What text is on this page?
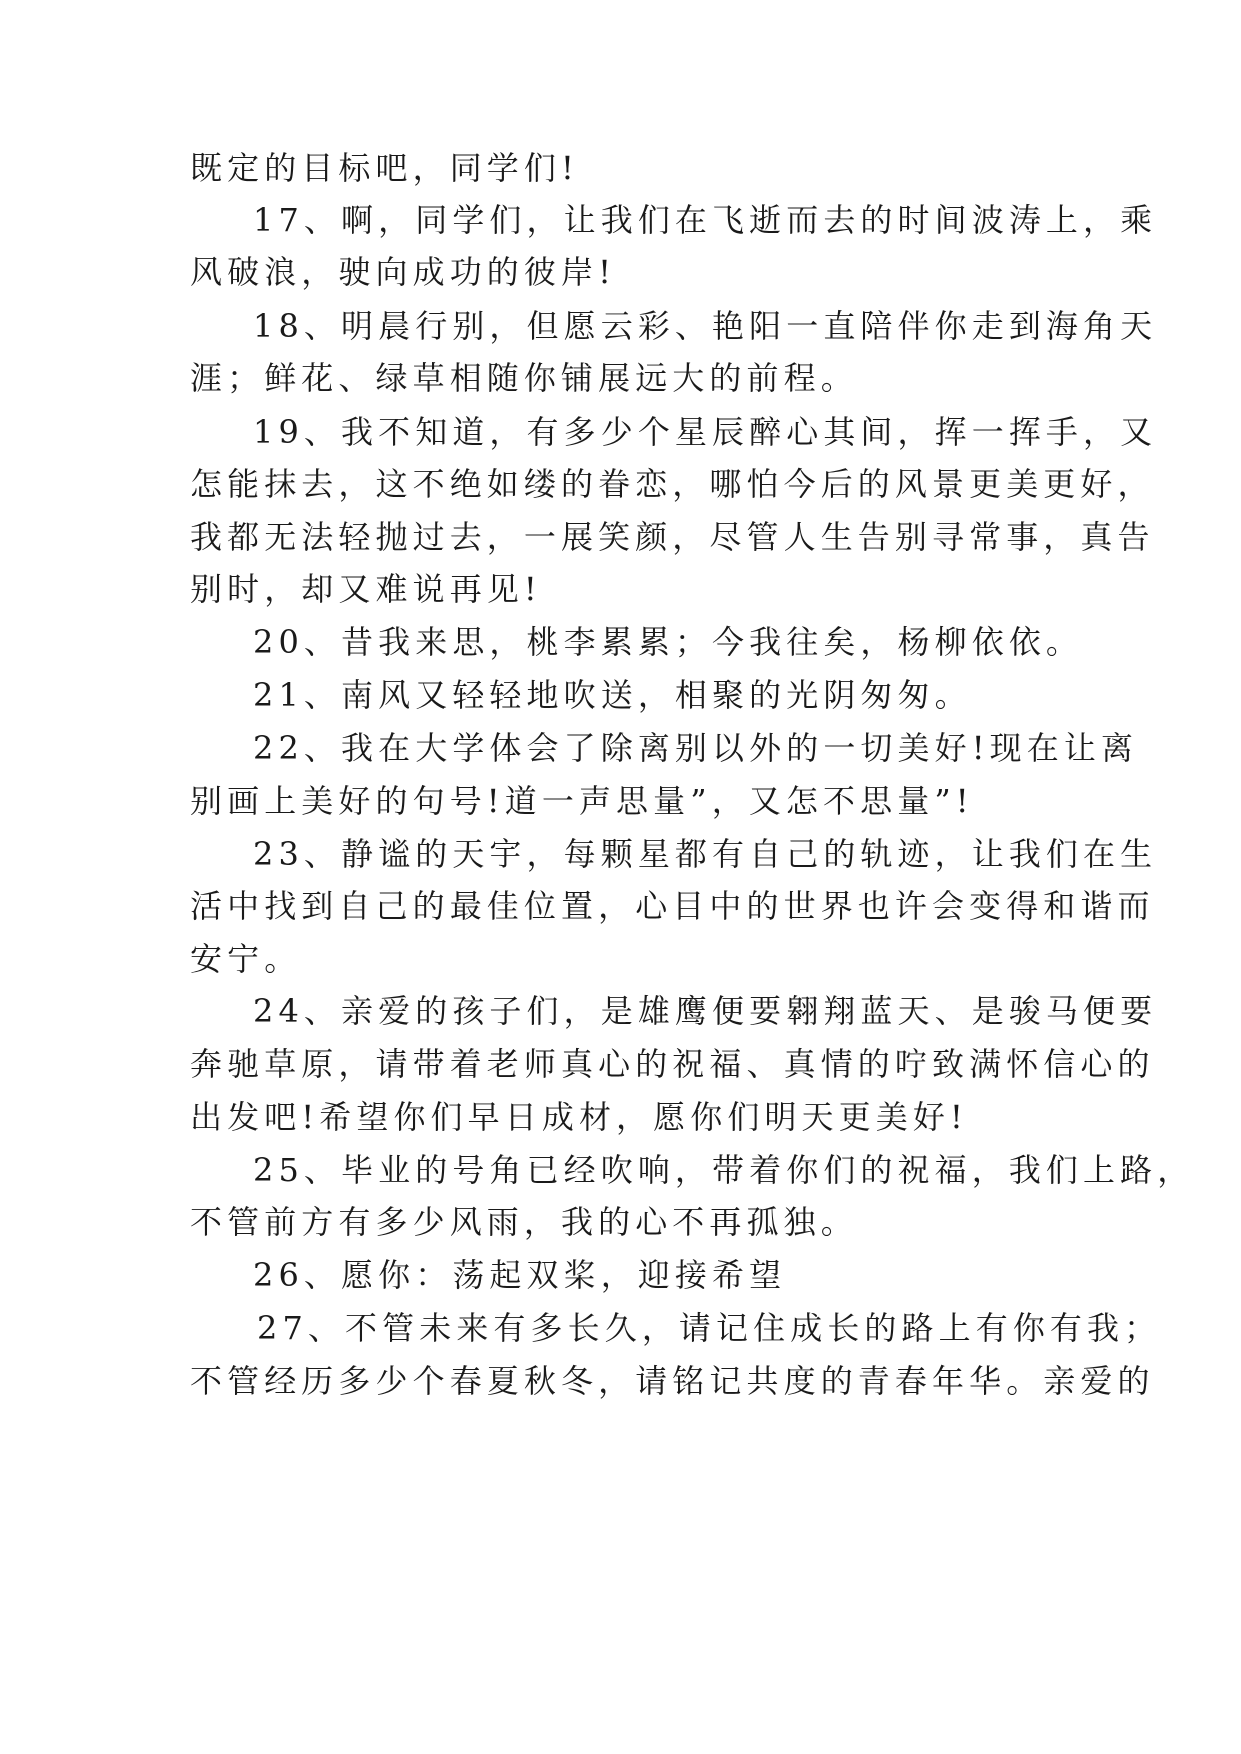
既定的目标吧，同学们!
17、啊，同学们，让我们在飞逝而去的时间波涛上，乘
风破浪，驶向成功的彼岸!
18、明晨行别，但愿云彩、艳阳一直陪伴你走到海角天
涯；鲜花、绿草相随你铺展远大的前程。
19、我不知道，有多少个星辰醉心其间，挥一挥手，又
怎能抹去，这不绝如缕的眷恋，哪怕今后的风景更美更好，
我都无法轻抛过去，一展笑颜，尽管人生告别寻常事，真告
别时，却又难说再见!
20、昔我来思，桃李累累；今我往矣，杨柳依依。
21、南风又轻轻地吹送，相聚的光阴匆匆。
22、我在大学体会了除离别以外的一切美好!现在让离
别画上美好的句号!道一声思量”，又怎不思量”!
23、静谧的天宇，每颗星都有自己的轨迹，让我们在生
活中找到自己的最佳位置，心目中的世界也许会变得和谐而
安宁。
24、亲爱的孩子们，是雄鹰便要翱翔蓝天、是骏马便要
奔驰草原，请带着老师真心的祝福、真情的咛致满怀信心的
出发吧!希望你们早日成材，愿你们明天更美好!
25、毕业的号角已经吹响，带着你们的祝福，我们上路，
不管前方有多少风雨，我的心不再孤独。
26、愿你：荡起双桨，迎接希望
27、不管未来有多长久，请记住成长的路上有你有我；
不管经历多少个春夏秋冬，请铭记共度的青春年华。亲爱的
